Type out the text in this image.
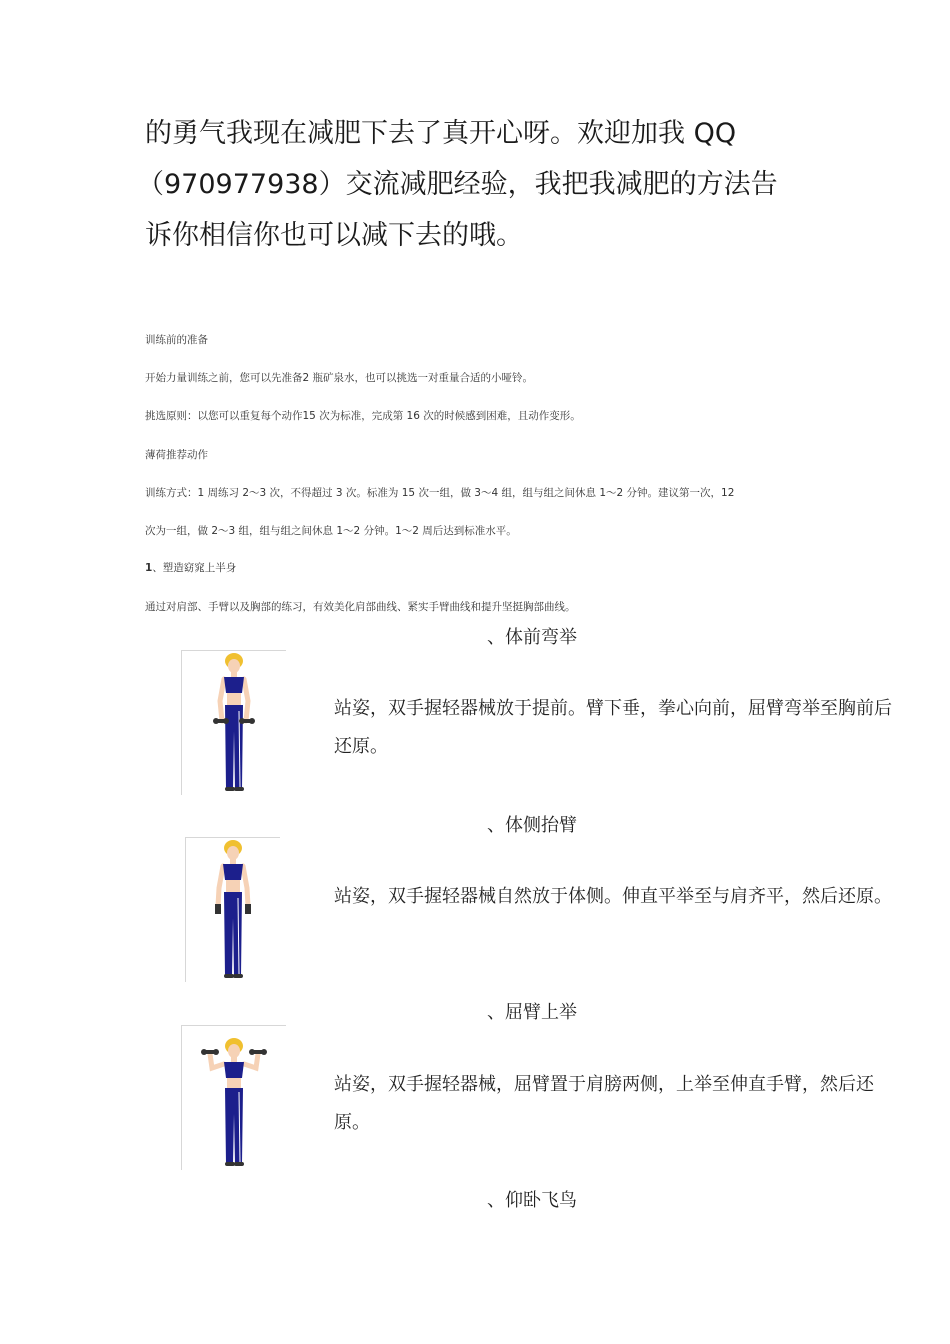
的勇气我现在减肥下去了真开心呀。欢迎加我 QQ
（970977938）交流减肥经验，我把我减肥的方法告
诉你相信你也可以减下去的哦。
训练前的准备
开始力量训练之前，您可以先准备2 瓶矿泉水，也可以挑选一对重量合适的小哑铃。
挑选原则：以您可以重复每个动作15 次为标准，完成第 16 次的时候感到困难，且动作变形。
薄荷推荐动作
训练方式：1 周练习 2～3 次，不得超过 3 次。标准为 15 次一组，做 3～4 组，组与组之间休息 1～2 分钟。建议第一次，12
次为一组，做 2～3 组，组与组之间休息 1～2 分钟。1～2 周后达到标准水平。
1、塑造窈窕上半身
通过对肩部、手臂以及胸部的练习，有效美化肩部曲线、紧实手臂曲线和提升坚挺胸部曲线。
、体前弯举
站姿，双手握轻器械放于提前。臂下垂，拳心向前，屈臂弯举至胸前后还原。
、体侧抬臂
站姿，双手握轻器械自然放于体侧。伸直平举至与肩齐平，然后还原。
、屈臂上举
站姿，双手握轻器械，屈臂置于肩膀两侧，上举至伸直手臂，然后还原。
、仰卧飞鸟
